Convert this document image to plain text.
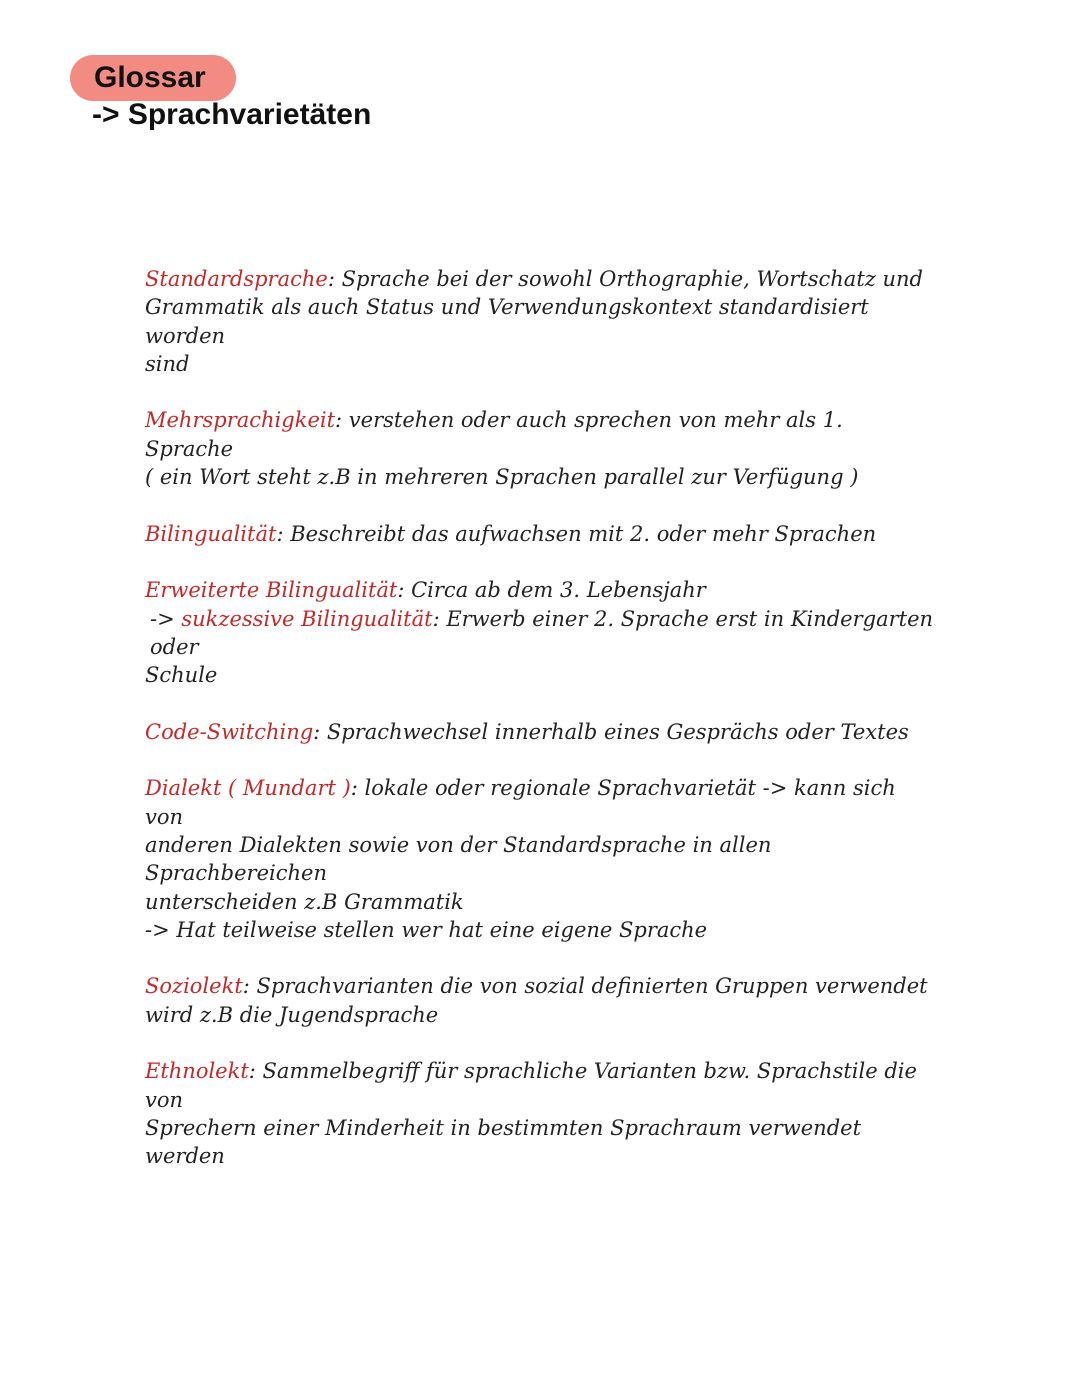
Glossar
-> Sprachvarietäten
Standardsprache: Sprache bei der sowohl Orthographie, Wortschatz und
Grammatik als auch Status und Verwendungskontext standardisiert worden
sind
Mehrsprachigkeit: verstehen oder auch sprechen von mehr als 1. Sprache
( ein Wort steht z.B in mehreren Sprachen parallel zur Verfügung )
Bilingualität: Beschreibt das aufwachsen mit 2. oder mehr Sprachen
Erweiterte Bilingualität: Circa ab dem 3. Lebensjahr
-> sukzessive Bilingualität: Erwerb einer 2. Sprache erst in Kindergarten oder
Schule
Code-Switching: Sprachwechsel innerhalb eines Gesprächs oder Textes
Dialekt ( Mundart ): lokale oder regionale Sprachvarietät -> kann sich von
anderen Dialekten sowie von der Standardsprache in allen Sprachbereichen
unterscheiden z.B Grammatik
-> Hat teilweise stellen wer hat eine eigene Sprache
Soziolekt: Sprachvarianten die von sozial definierten Gruppen verwendet
wird z.B die Jugendsprache
Ethnolekt: Sammelbegriff für sprachliche Varianten bzw. Sprachstile die von
Sprechern einer Minderheit in bestimmten Sprachraum verwendet werden
